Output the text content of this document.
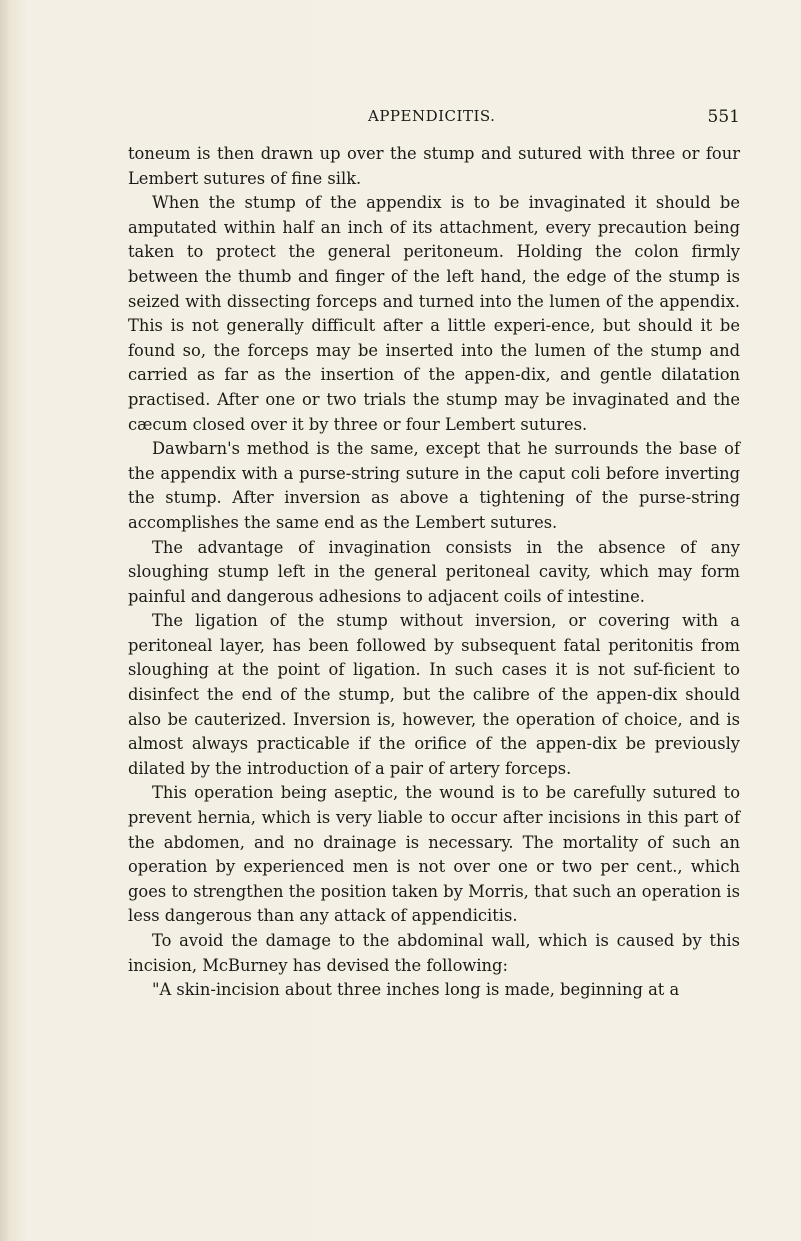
APPENDICITIS.	551

toneum is then drawn up over the stump and sutured with three or four Lembert sutures of fine silk.

When the stump of the appendix is to be invaginated it should be amputated within half an inch of its attachment, every precaution being taken to protect the general peritoneum. Holding the colon firmly between the thumb and finger of the left hand, the edge of the stump is seized with dissecting forceps and turned into the lumen of the appendix. This is not generally difficult after a little experi-ence, but should it be found so, the forceps may be inserted into the lumen of the stump and carried as far as the insertion of the appen-dix, and gentle dilatation practised. After one or two trials the stump may be invaginated and the cæcum closed over it by three or four Lembert sutures.

Dawbarn's method is the same, except that he surrounds the base of the appendix with a purse-string suture in the caput coli before inverting the stump. After inversion as above a tightening of the purse-string accomplishes the same end as the Lembert sutures.

The advantage of invagination consists in the absence of any sloughing stump left in the general peritoneal cavity, which may form painful and dangerous adhesions to adjacent coils of intestine.

The ligation of the stump without inversion, or covering with a peritoneal layer, has been followed by subsequent fatal peritonitis from sloughing at the point of ligation. In such cases it is not suf-ficient to disinfect the end of the stump, but the calibre of the appen-dix should also be cauterized. Inversion is, however, the operation of choice, and is almost always practicable if the orifice of the appen-dix be previously dilated by the introduction of a pair of artery forceps.

This operation being aseptic, the wound is to be carefully sutured to prevent hernia, which is very liable to occur after incisions in this part of the abdomen, and no drainage is necessary. The mortality of such an operation by experienced men is not over one or two per cent., which goes to strengthen the position taken by Morris, that such an operation is less dangerous than any attack of appendicitis.

To avoid the damage to the abdominal wall, which is caused by this incision, McBurney has devised the following:

"A skin-incision about three inches long is made, beginning at a
